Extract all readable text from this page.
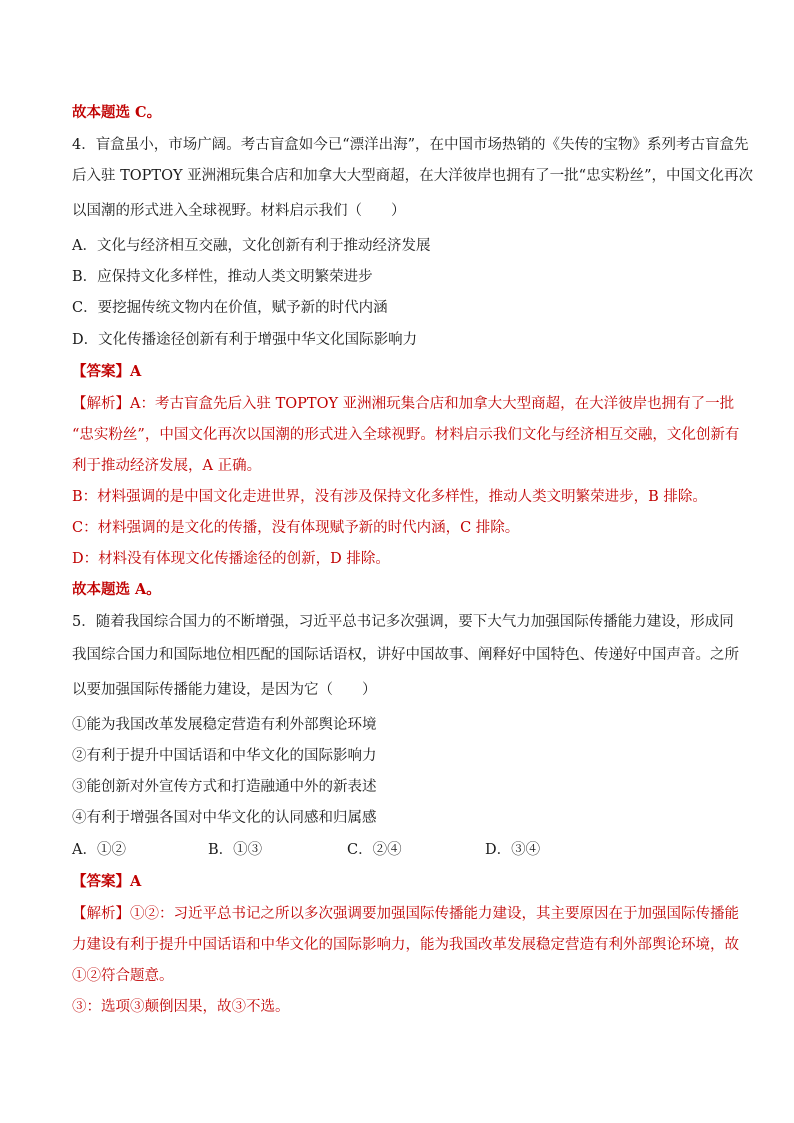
故本题选 C。
4．盲盒虽小，市场广阔。考古盲盒如今已“漂洋出海”，在中国市场热销的《失传的宝物》系列考古盲盒先
后入驻 TOPTOY 亚洲湘玩集合店和加拿大大型商超，在大洋彼岸也拥有了一批“忠实粉丝”，中国文化再次
以国潮的形式进入全球视野。材料启示我们（　　）
A．文化与经济相互交融，文化创新有利于推动经济发展
B．应保持文化多样性，推动人类文明繁荣进步
C．要挖掘传统文物内在价值，赋予新的时代内涵
D．文化传播途径创新有利于增强中华文化国际影响力
【答案】A
【解析】A：考古盲盒先后入驻 TOPTOY 亚洲湘玩集合店和加拿大大型商超，在大洋彼岸也拥有了一批
“忠实粉丝”，中国文化再次以国潮的形式进入全球视野。材料启示我们文化与经济相互交融，文化创新有
利于推动经济发展，A 正确。
B：材料强调的是中国文化走进世界，没有涉及保持文化多样性，推动人类文明繁荣进步，B 排除。
C：材料强调的是文化的传播，没有体现赋予新的时代内涵，C 排除。
D：材料没有体现文化传播途径的创新，D 排除。
故本题选 A。
5．随着我国综合国力的不断增强，习近平总书记多次强调，要下大气力加强国际传播能力建设，形成同
我国综合国力和国际地位相匹配的国际话语权，讲好中国故事、阐释好中国特色、传递好中国声音。之所
以要加强国际传播能力建设，是因为它（　　）
①能为我国改革发展稳定营造有利外部舆论环境
②有利于提升中国话语和中华文化的国际影响力
③能创新对外宣传方式和打造融通中外的新表述
④有利于增强各国对中华文化的认同感和归属感
A．①②	B．①③	C．②④	D．③④
【答案】A
【解析】①②：习近平总书记之所以多次强调要加强国际传播能力建设，其主要原因在于加强国际传播能
力建设有利于提升中国话语和中华文化的国际影响力，能为我国改革发展稳定营造有利外部舆论环境，故
①②符合题意。
③：选项③颠倒因果，故③不选。
